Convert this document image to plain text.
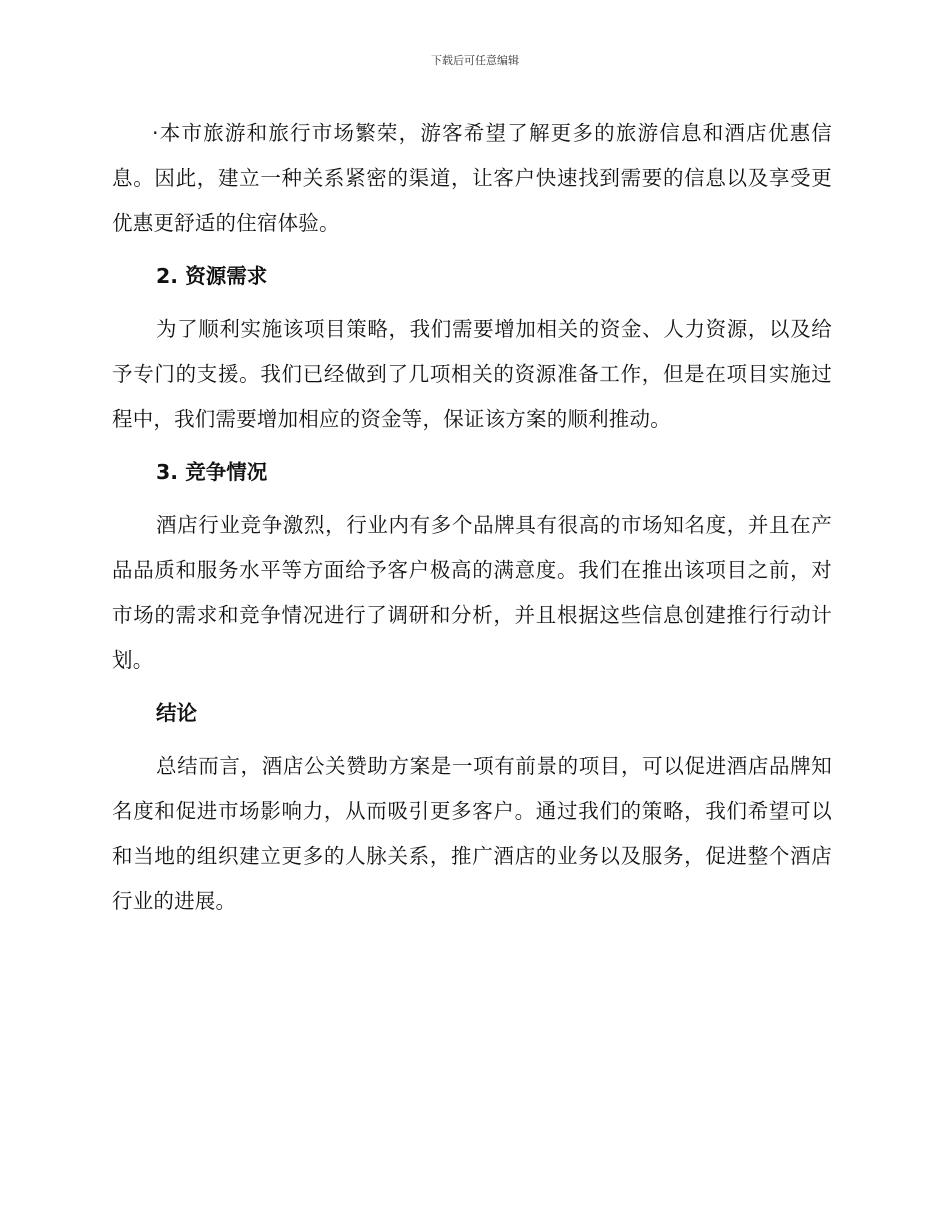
下载后可任意编辑

·本市旅游和旅行市场繁荣，游客希望了解更多的旅游信息和酒店优惠信息。因此，建立一种关系紧密的渠道，让客户快速找到需要的信息以及享受更优惠更舒适的住宿体验。

2. 资源需求

为了顺利实施该项目策略，我们需要增加相关的资金、人力资源，以及给予专门的支援。我们已经做到了几项相关的资源准备工作，但是在项目实施过程中，我们需要增加相应的资金等，保证该方案的顺利推动。

3. 竞争情况

酒店行业竞争激烈，行业内有多个品牌具有很高的市场知名度，并且在产品品质和服务水平等方面给予客户极高的满意度。我们在推出该项目之前，对市场的需求和竞争情况进行了调研和分析，并且根据这些信息创建推行行动计划。

结论

总结而言，酒店公关赞助方案是一项有前景的项目，可以促进酒店品牌知名度和促进市场影响力，从而吸引更多客户。通过我们的策略，我们希望可以和当地的组织建立更多的人脉关系，推广酒店的业务以及服务，促进整个酒店行业的进展。
